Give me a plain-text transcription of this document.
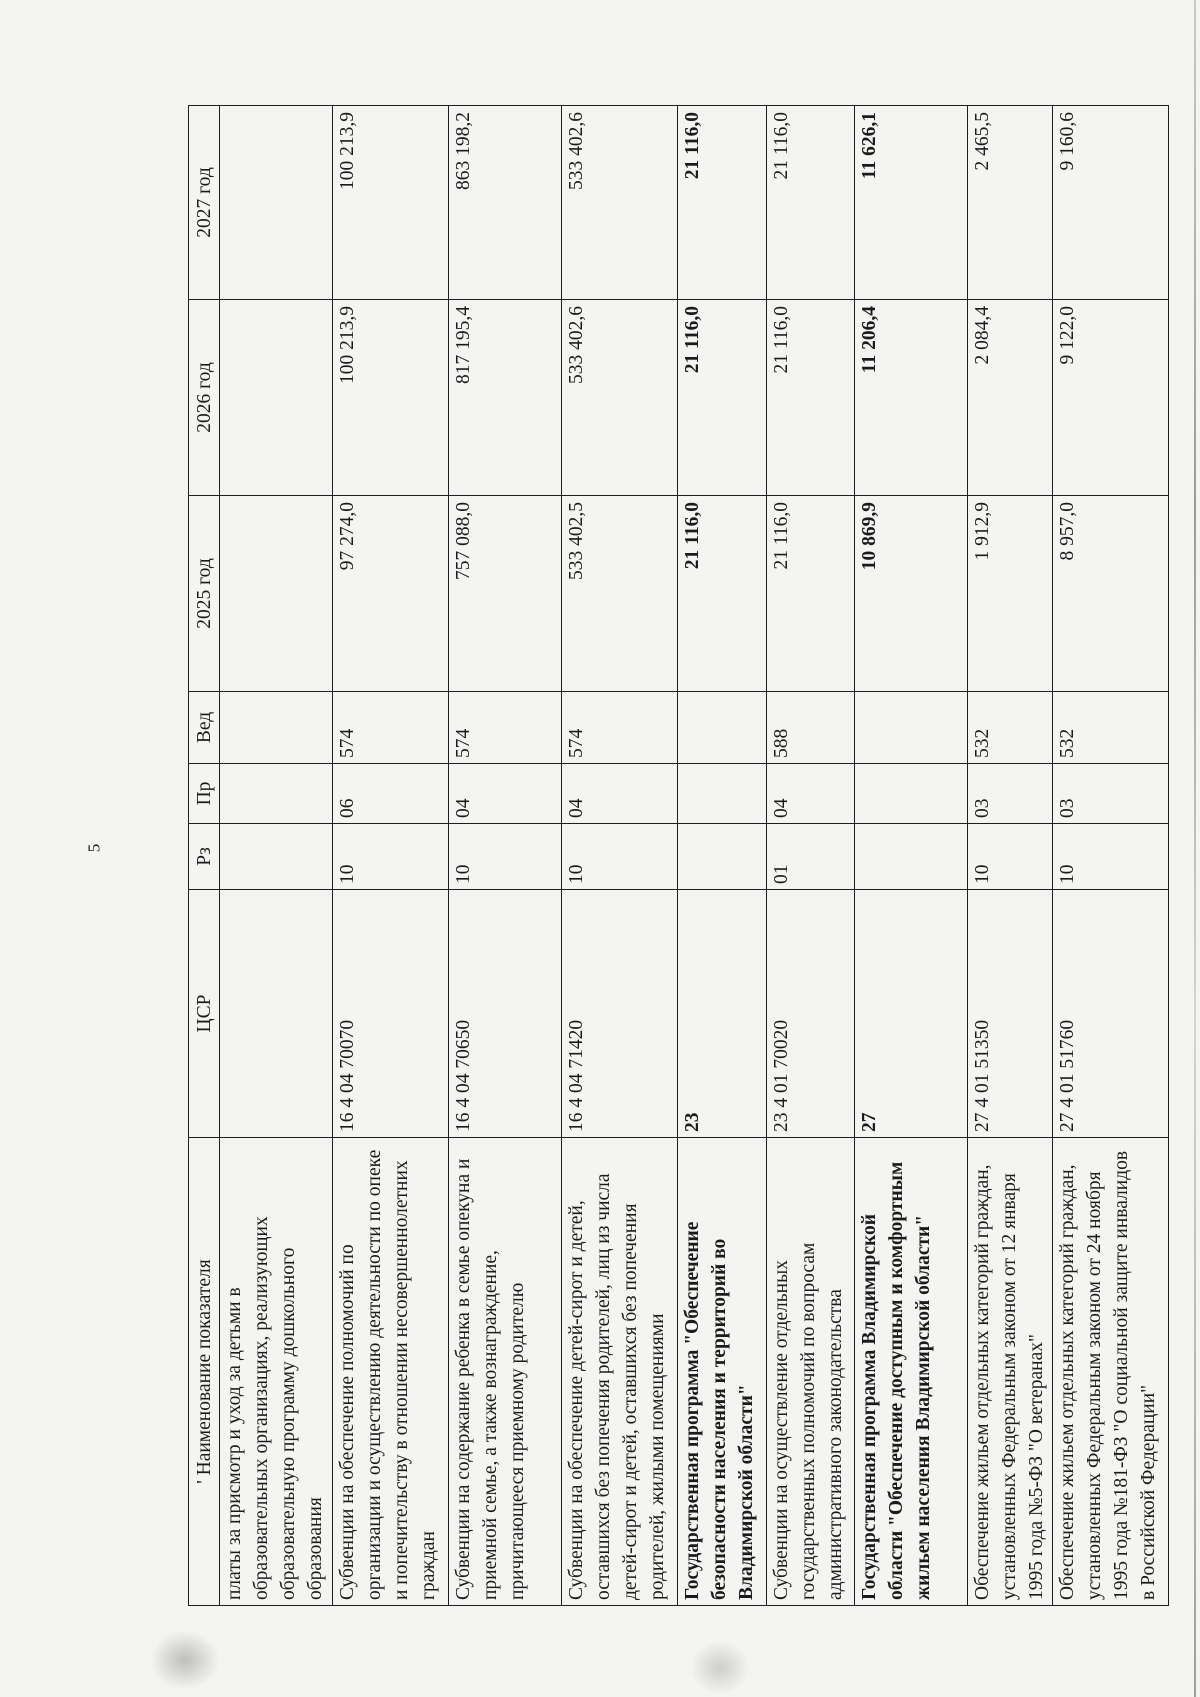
5
' Наименование показателя	ЦСР	Рз	Пр	Вед	2025 год	2026 год	2027 год
платы за присмотр и уход за детьми в образовательных организациях, реализующих образовательную программу дошкольного образования							
Субвенции на обеспечение полномочий по организации и осуществлению деятельности по опеке и попечительству в отношении несовершеннолетних граждан	16 4 04 70070	10	06	574	97 274,0	100 213,9	100 213,9
Субвенции на содержание ребенка в семье опекуна и приемной семье, а также вознаграждение, причитающееся приемному родителю	16 4 04 70650	10	04	574	757 088,0	817 195,4	863 198,2
Субвенции на обеспечение детей-сирот и детей, оставшихся без попечения родителей, лиц из числа детей-сирот и детей, оставшихся без попечения родителей, жилыми помещениями	16 4 04 71420	10	04	574	533 402,5	533 402,6	533 402,6
Государственная программа "Обеспечение безопасности населения и территорий во Владимирской области"	23				21 116,0	21 116,0	21 116,0
Субвенции на осуществление отдельных государственных полномочий по вопросам административного законодательства	23 4 01 70020	01	04	588	21 116,0	21 116,0	21 116,0
Государственная программа Владимирской области "Обеспечение доступным и комфортным жильем населения Владимирской области"	27				10 869,9	11 206,4	11 626,1
Обеспечение жильем отдельных категорий граждан, установленных Федеральным законом от 12 января 1995 года №5-ФЗ "О ветеранах"	27 4 01 51350	10	03	532	1 912,9	2 084,4	2 465,5
Обеспечение жильем отдельных категорий граждан, установленных Федеральным законом от 24 ноября 1995 года №181-ФЗ "О социальной защите инвалидов в Российской Федерации"	27 4 01 51760	10	03	532	8 957,0	9 122,0	9 160,6
